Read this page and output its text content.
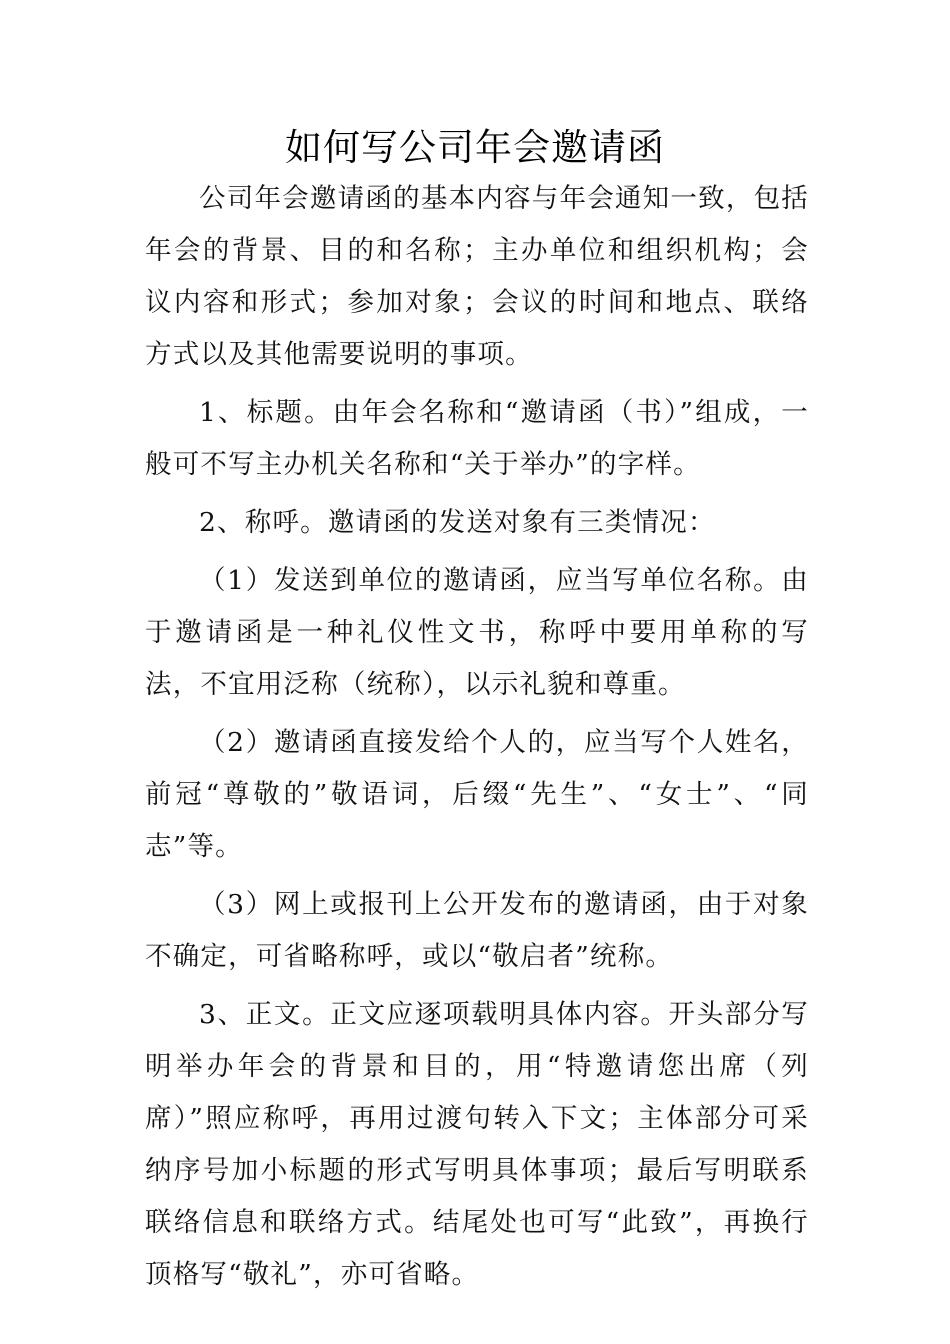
如何写公司年会邀请函

公司年会邀请函的基本内容与年会通知一致，包括年会的背景、目的和名称；主办单位和组织机构；会议内容和形式；参加对象；会议的时间和地点、联络方式以及其他需要说明的事项。

1、标题。由年会名称和“邀请函（书）”组成，一般可不写主办机关名称和“关于举办”的字样。

2、称呼。邀请函的发送对象有三类情况：

（1）发送到单位的邀请函，应当写单位名称。由于邀请函是一种礼仪性文书，称呼中要用单称的写法，不宜用泛称（统称），以示礼貌和尊重。

（2）邀请函直接发给个人的，应当写个人姓名，前冠“尊敬的”敬语词，后缀“先生”、“女士”、“同志”等。

（3）网上或报刊上公开发布的邀请函，由于对象不确定，可省略称呼，或以“敬启者”统称。

3、正文。正文应逐项载明具体内容。开头部分写明举办年会的背景和目的，用“特邀请您出席（列席）”照应称呼，再用过渡句转入下文；主体部分可采纳序号加小标题的形式写明具体事项；最后写明联系联络信息和联络方式。结尾处也可写“此致”，再换行顶格写“敬礼”，亦可省略。
